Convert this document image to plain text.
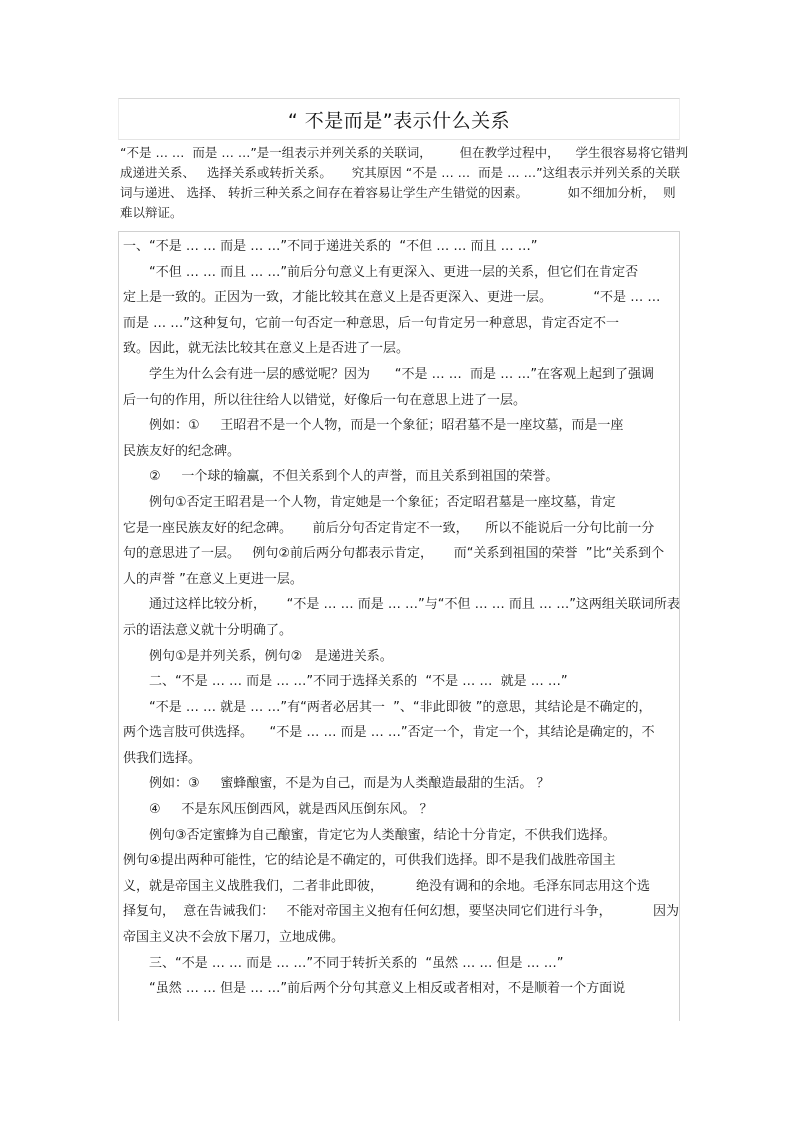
“ 不是而是”表示什么关系

“不是 … …  而是 … …”是一组表示并列关系的关联词，       但在教学过程中，    学生很容易将它错判

成递进关系、   选择关系或转折关系。     究其原因 “不是 … …  而是 … …”这组表示并列关系的关联

词与递进、 选择、 转折三种关系之间存在着容易让学生产生错觉的因素。          如不细加分析，  则

难以辩证。

一、“不是 … … 而是 … …”不同于递进关系的  “不但 … … 而且 … …”

“不但 … … 而且 … …”前后分句意义上有更深入、更进一层的关系，但它们在肯定否

定上是一致的。正因为一致，才能比较其在意义上是否更深入、更进一层。          “不是 … …

而是 … …”这种复句，它前一句否定一种意思，后一句肯定另一种意思，肯定否定不一

致。因此，就无法比较其在意义上是否进了一层。

学生为什么会有进一层的感觉呢？因为      “不是 … …  而是 … …”在客观上起到了强调

后一句的作用，所以往往给人以错觉，好像后一句在意思上进了一层。

例如：①     王昭君不是一个人物，而是一个象征；昭君墓不是一座坟墓，而是一座

民族友好的纪念碑。

②     一个球的输赢，不但关系到个人的声誉，而且关系到祖国的荣誉。

例句①否定王昭君是一个人物，肯定她是一个象征；否定昭君墓是一座坟墓，肯定

它是一座民族友好的纪念碑。     前后分句否定肯定不一致，    所以不能说后一分句比前一分

句的意思进了一层。   例句②前后两分句都表示肯定，     而“关系到祖国的荣誉  ”比“关系到个

人的声誉 ”在意义上更进一层。

通过这样比较分析，     “不是 … … 而是 … …”与“不但 … … 而且 … …”这两组关联词所表

示的语法意义就十分明确了。

例句①是并列关系，例句②   是递进关系。

二、“不是 … … 而是 … …”不同于选择关系的  “不是 … …  就是 … …”

“不是 … … 就是 … …”有“两者必居其一  ”、“非此即彼 ”的意思，其结论是不确定的，

两个选言肢可供选择。    “不是 … … 而是 … …”否定一个，肯定一个，其结论是确定的，不

供我们选择。

例如：③     蜜蜂酿蜜，不是为自己，而是为人类酿造最甜的生活。 ？

④     不是东风压倒西风，就是西风压倒东风。 ？

例句③否定蜜蜂为自己酿蜜，肯定它为人类酿蜜，结论十分肯定，不供我们选择。

例句④提出两种可能性，它的结论是不确定的，可供我们选择。即不是我们战胜帝国主

义，就是帝国主义战胜我们，二者非此即彼，        绝没有调和的余地。毛泽东同志用这个选

择复句，  意在告诫我们：   不能对帝国主义抱有任何幻想，要坚决同它们进行斗争，          因为

帝国主义决不会放下屠刀，立地成佛。

三、“不是 … … 而是 … …”不同于转折关系的  “虽然 … … 但是 … …”

“虽然 … … 但是 … …”前后两个分句其意义上相反或者相对，不是顺着一个方面说
